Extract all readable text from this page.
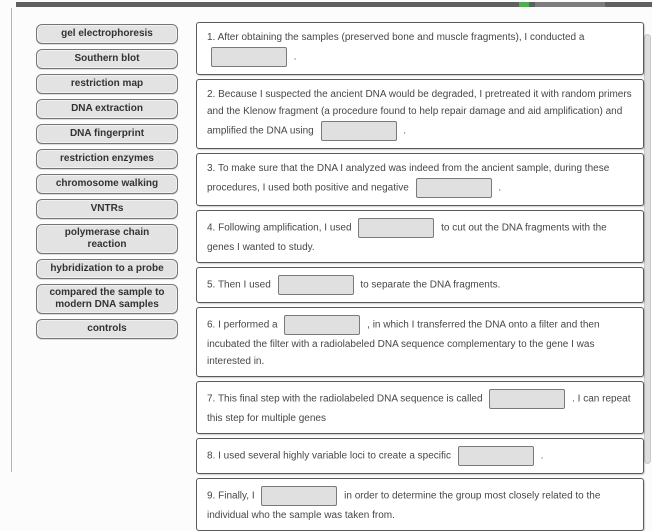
gel electrophoresis
Southern blot
restriction map
DNA extraction
DNA fingerprint
restriction enzymes
chromosome walking
VNTRs
polymerase chain reaction
hybridization to a probe
compared the sample to modern DNA samples
controls
1. After obtaining the samples (preserved bone and muscle fragments), I conducted a  .
2. Because I suspected the ancient DNA would be degraded, I pretreated it with random primers and the Klenow fragment (a procedure found to help repair damage and aid amplification) and amplified the DNA using	.
3. To make sure that the DNA I analyzed was indeed from the ancient sample, during these procedures, I used both positive and negative	.
4. Following amplification, I used	to cut out the DNA fragments with the genes I wanted to study.
5. Then I used	to separate the DNA fragments.
6. I performed a	, in which I transferred the DNA onto a filter and then incubated the filter with a radiolabeled DNA sequence complementary to the gene I was interested in.
7. This final step with the radiolabeled DNA sequence is called	. I can repeat this step for multiple genes
8. I used several highly variable loci to create a specific	.
9. Finally, I	in order to determine the group most closely related to the individual who the sample was taken from.
